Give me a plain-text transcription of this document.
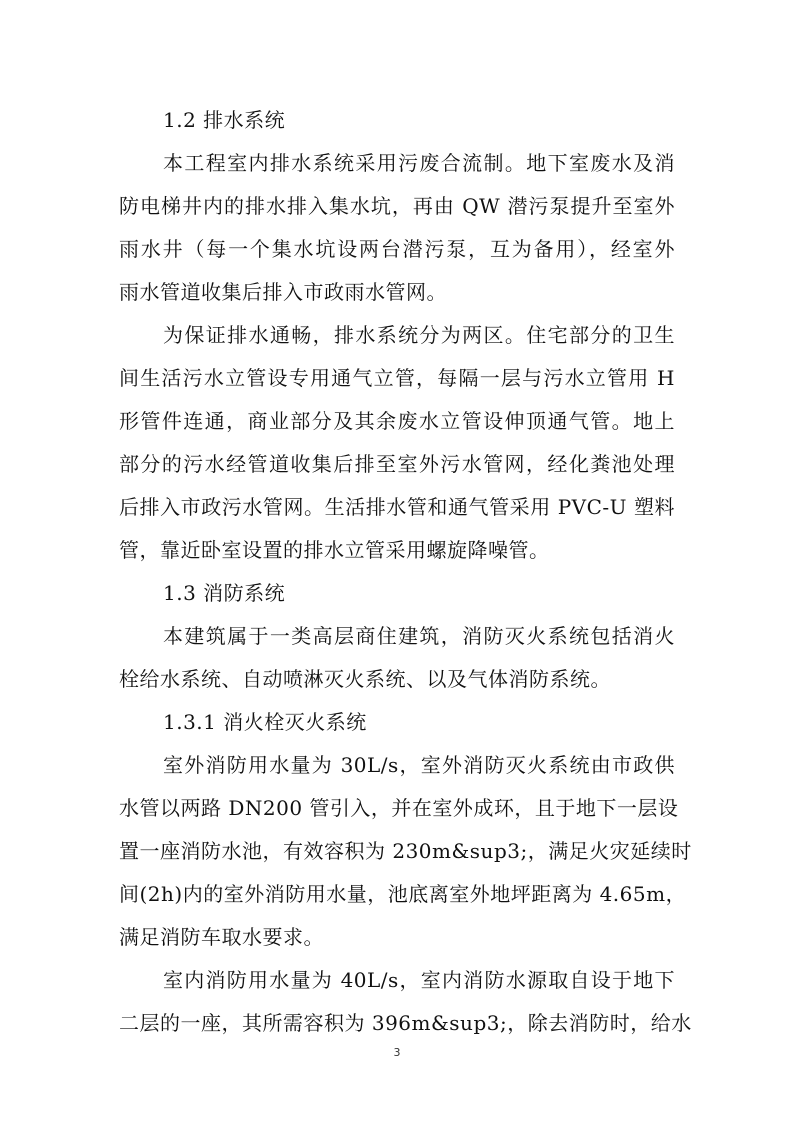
1.2 排水系统
本工程室内排水系统采用污废合流制。地下室废水及消
防电梯井内的排水排入集水坑，再由 QW 潜污泵提升至室外
雨水井（每一个集水坑设两台潜污泵，互为备用），经室外
雨水管道收集后排入市政雨水管网。
为保证排水通畅，排水系统分为两区。住宅部分的卫生
间生活污水立管设专用通气立管，每隔一层与污水立管用 H
形管件连通，商业部分及其余废水立管设伸顶通气管。地上
部分的污水经管道收集后排至室外污水管网，经化粪池处理
后排入市政污水管网。生活排水管和通气管采用 PVC-U 塑料
管，靠近卧室设置的排水立管采用螺旋降噪管。
1.3 消防系统
本建筑属于一类高层商住建筑，消防灭火系统包括消火
栓给水系统、自动喷淋灭火系统、以及气体消防系统。
1.3.1 消火栓灭火系统
室外消防用水量为 30L/s，室外消防灭火系统由市政供
水管以两路 DN200 管引入，并在室外成环，且于地下一层设
置一座消防水池，有效容积为 230m&sup3;，满足火灾延续时
间(2h)内的室外消防用水量，池底离室外地坪距离为 4.65m，
满足消防车取水要求。
室内消防用水量为 40L/s，室内消防水源取自设于地下
二层的一座，其所需容积为 396m&sup3;，除去消防时，给水
3
